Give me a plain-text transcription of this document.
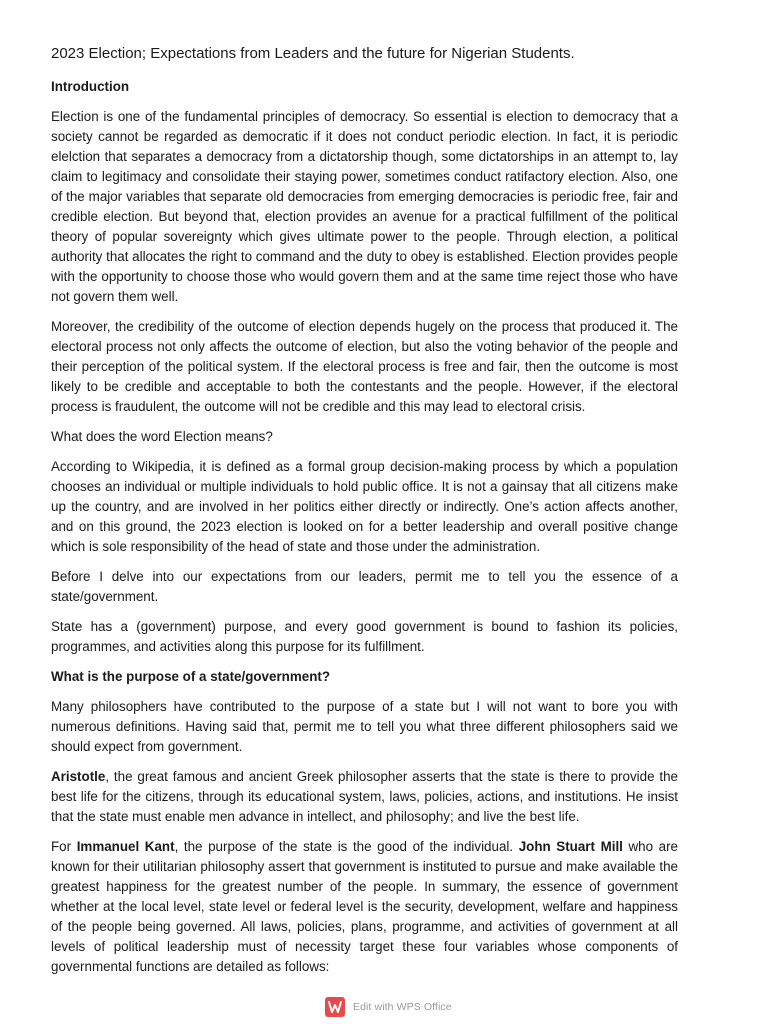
2023 Election; Expectations from Leaders and the future for Nigerian Students.
Introduction

Election is one of the fundamental principles of democracy. So essential is election to democracy that a society cannot be regarded as democratic if it does not conduct periodic election. In fact, it is periodic elelction that separates a democracy from a dictatorship though, some dictatorships in an attempt to, lay claim to legitimacy and consolidate their staying power, sometimes conduct ratifactory election. Also, one of the major variables that separate old democracies from emerging democracies is periodic free, fair and credible election. But beyond that, election provides an avenue for a practical fulfillment of the political theory of popular sovereignty which gives ultimate power to the people. Through election, a political authority that allocates the right to command and the duty to obey is established. Election provides people with the opportunity to choose those who would govern them and at the same time reject those who have not govern them well.

Moreover, the credibility of the outcome of election depends hugely on the process that produced it. The electoral process not only affects the outcome of election, but also the voting behavior of the people and their perception of the political system. If the electoral process is free and fair, then the outcome is most likely to be credible and acceptable to both the contestants and the people. However, if the electoral process is fraudulent, the outcome will not be credible and this may lead to electoral crisis.

What does the word Election means?

According to Wikipedia, it is defined as a formal group decision-making process by which a population chooses an individual or multiple individuals to hold public office. It is not a gainsay that all citizens make up the country, and are involved in her politics either directly or indirectly. One’s action affects another, and on this ground, the 2023 election is looked on for a better leadership and overall positive change which is sole responsibility of the head of state and those under the administration.

Before I delve into our expectations from our leaders, permit me to tell you the essence of a state/government.

State has a (government) purpose, and every good government is bound to fashion its policies, programmes, and activities along this purpose for its fulfillment.

What is the purpose of a state/government?

Many philosophers have contributed to the purpose of a state but I will not want to bore you with numerous definitions. Having said that, permit me to tell you what three different philosophers said we should expect from government.

Aristotle, the great famous and ancient Greek philosopher asserts that the state is there to provide the best life for the citizens, through its educational system, laws, policies, actions, and institutions. He insist that the state must enable men advance in intellect, and philosophy; and live the best life.

For Immanuel Kant, the purpose of the state is the good of the individual. John Stuart Mill who are known for their utilitarian philosophy assert that government is instituted to pursue and make available the greatest happiness for the greatest number of the people. In summary, the essence of government whether at the local level, state level or federal level is the security, development, welfare and happiness of the people being governed. All laws, policies, plans, programme, and activities of government at all levels of political leadership must of necessity target these four variables whose components of governmental functions are detailed as follows:

Edit with WPS Office
